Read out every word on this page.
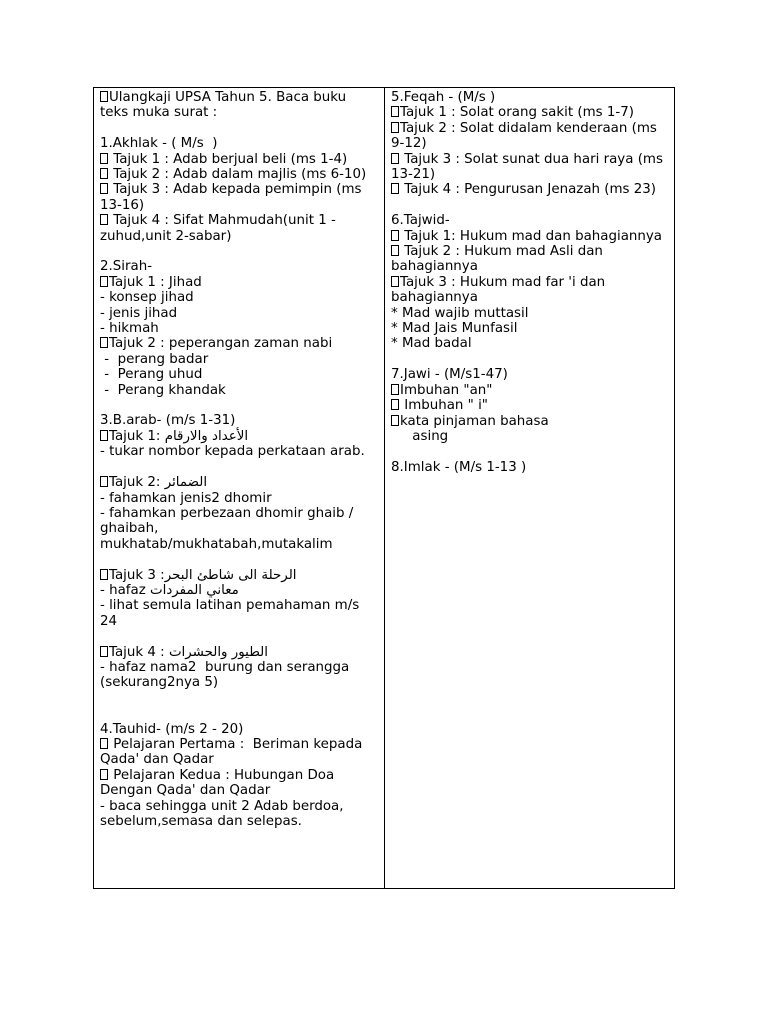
Ulangkaji UPSA Tahun 5. Baca buku teks muka surat :
1.Akhlak - ( M/s  )
Tajuk 1 : Adab berjual beli (ms 1-4)
Tajuk 2 : Adab dalam majlis (ms 6-10)
Tajuk 3 : Adab kepada pemimpin (ms 13-16)
Tajuk 4 : Sifat Mahmudah(unit 1 - zuhud,unit 2-sabar)
2.Sirah-
Tajuk 1 : Jihad
- konsep jihad
- jenis jihad
- hikmah
Tajuk 2 : peperangan zaman nabi
-  perang badar
-  Perang uhud
-  Perang khandak
3.B.arab- (m/s 1-31)
Tajuk 1: الأعداد والارقام
- tukar nombor kepada perkataan arab.
Tajuk 2: الضمائر
- fahamkan jenis2 dhomir
- fahamkan perbezaan dhomir ghaib / ghaibah, mukhatab/mukhatabah,mutakalim
Tajuk 3 :الرحلة الى شاطئ البحر
- hafaz معاني المفردات
- lihat semula latihan pemahaman m/s 24
Tajuk 4 : الطيور والحشرات
- hafaz nama2  burung dan serangga (sekurang2nya 5)
4.Tauhid- (m/s 2 - 20)
Pelajaran Pertama :  Beriman kepada Qada' dan Qadar
Pelajaran Kedua : Hubungan Doa Dengan Qada' dan Qadar
- baca sehingga unit 2 Adab berdoa, sebelum,semasa dan selepas.
5.Feqah - (M/s )
Tajuk 1 : Solat orang sakit (ms 1-7)
Tajuk 2 : Solat didalam kenderaan (ms 9-12)
Tajuk 3 : Solat sunat dua hari raya (ms 13-21)
Tajuk 4 : Pengurusan Jenazah (ms 23)
6.Tajwid-
Tajuk 1: Hukum mad dan bahagiannya
Tajuk 2 : Hukum mad Asli dan bahagiannya
Tajuk 3 : Hukum mad far 'i dan bahagiannya
* Mad wajib muttasil
* Mad Jais Munfasil
* Mad badal
7.Jawi - (M/s1-47)
Imbuhan "an"
Imbuhan " i"
kata pinjaman bahasa
asing
8.Imlak - (M/s 1-13 )
